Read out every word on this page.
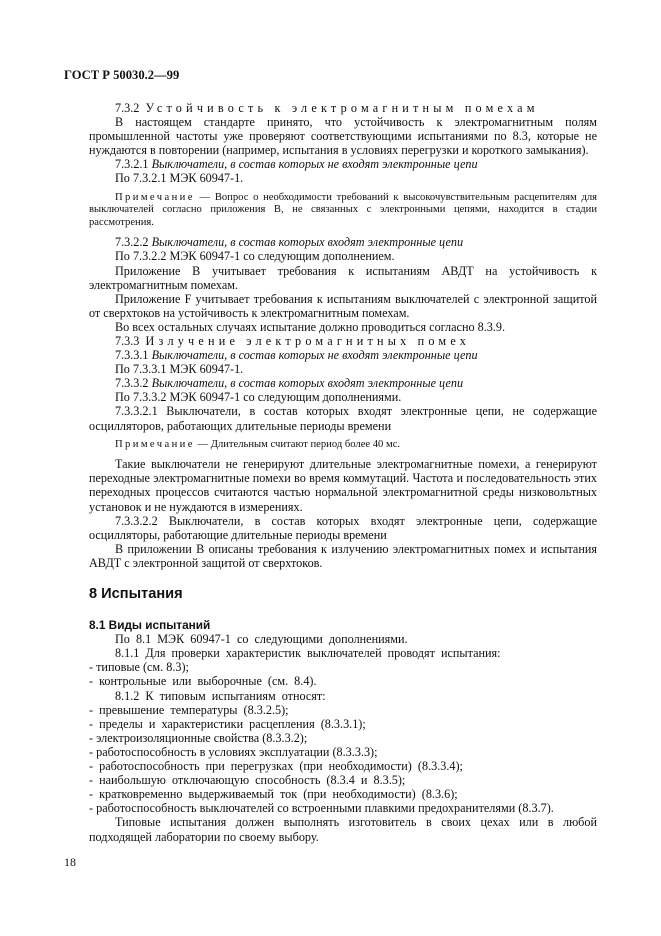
ГОСТ Р 50030.2—99

7.3.2 Устойчивость к электромагнитным помехам

В настоящем стандарте принято, что устойчивость к электромагнитным полям промышленной частоты уже проверяют соответствующими испытаниями по 8.3, которые не нуждаются в повторении (например, испытания в условиях перегрузки и короткого замыкания).

7.3.2.1 Выключатели, в состав которых не входят электронные цепи

По 7.3.2.1 МЭК 60947-1.

Примечание — Вопрос о необходимости требований к высокочувствительным расцепителям для выключателей согласно приложения В, не связанных с электронными цепями, находится в стадии рассмотрения.

7.3.2.2 Выключатели, в состав которых входят электронные цепи

По 7.3.2.2 МЭК 60947-1 со следующим дополнением.

Приложение В учитывает требования к испытаниям АВДТ на устойчивость к электромагнитным помехам.

Приложение F учитывает требования к испытаниям выключателей с электронной защитой от сверхтоков на устойчивость к электромагнитным помехам.

Во всех остальных случаях испытание должно проводиться согласно 8.3.9.

7.3.3 Излучение электромагнитных помех

7.3.3.1 Выключатели, в состав которых не входят электронные цепи

По 7.3.3.1 МЭК 60947-1.

7.3.3.2 Выключатели, в состав которых входят электронные цепи

По 7.3.3.2 МЭК 60947-1 со следующим дополнениями.

7.3.3.2.1 Выключатели, в состав которых входят электронные цепи, не содержащие осцилляторов, работающих длительные периоды времени

Примечание — Длительным считают период более 40 мс.

Такие выключатели не генерируют длительные электромагнитные помехи, а генерируют переходные электромагнитные помехи во время коммутаций. Частота и последовательность этих переходных процессов считаются частью нормальной электромагнитной среды низковольтных установок и не нуждаются в измерениях.

7.3.3.2.2 Выключатели, в состав которых входят электронные цепи, содержащие осцилляторы, работающие длительные периоды времени

В приложении В описаны требования к излучению электромагнитных помех и испытания АВДТ с электронной защитой от сверхтоков.

8 Испытания

8.1 Виды испытаний

По 8.1 МЭК 60947-1 со следующими дополнениями.

8.1.1 Для проверки характеристик выключателей проводят испытания:

- типовые (см. 8.3);

- контрольные или выборочные (см. 8.4).

8.1.2 К типовым испытаниям относят:

- превышение температуры (8.3.2.5);

- пределы и характеристики расцепления (8.3.3.1);

- электроизоляционные свойства (8.3.3.2);

- работоспособность в условиях эксплуатации (8.3.3.3);

- работоспособность при перегрузках (при необходимости) (8.3.3.4);

- наибольшую отключающую способность (8.3.4 и 8.3.5);

- кратковременно выдерживаемый ток (при необходимости) (8.3.6);

- работоспособность выключателей со встроенными плавкими предохранителями (8.3.7).

Типовые испытания должен выполнять изготовитель в своих цехах или в любой подходящей лаборатории по своему выбору.

18
